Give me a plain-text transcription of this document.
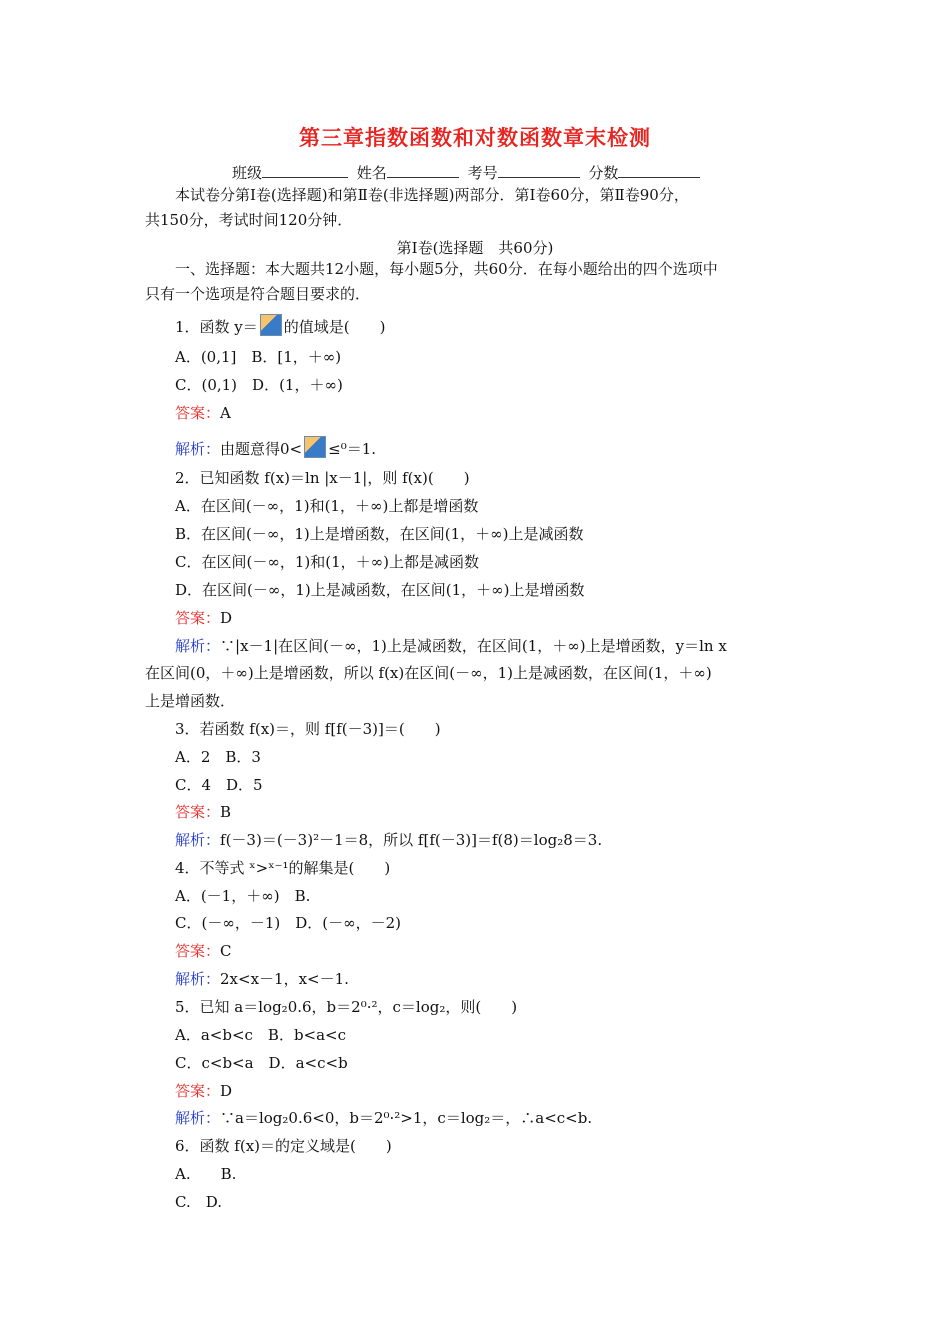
第三章指数函数和对数函数章末检测
班级	姓名	考号	分数
本试卷分第Ⅰ卷(选择题)和第Ⅱ卷(非选择题)两部分．第Ⅰ卷60分，第Ⅱ卷90分，
共150分，考试时间120分钟．
第Ⅰ卷(选择题　共60分)
一、选择题：本大题共12小题，每小题5分，共60分．在每小题给出的四个选项中
只有一个选项是符合题目要求的．
1．函数 y＝ 的值域是(　　)
A．(0,1]　B．[1，＋∞)
C．(0,1)　D．(1，＋∞)
答案：A
解析：由题意得0< ≤⁰＝1.
2．已知函数 f(x)＝ln |x－1|，则 f(x)(　　)
A．在区间(－∞，1)和(1，＋∞)上都是增函数
B．在区间(－∞，1)上是增函数，在区间(1，＋∞)上是减函数
C．在区间(－∞，1)和(1，＋∞)上都是减函数
D．在区间(－∞，1)上是减函数，在区间(1，＋∞)上是增函数
答案：D
解析：∵|x－1|在区间(－∞，1)上是减函数，在区间(1，＋∞)上是增函数，y＝ln x
在区间(0，＋∞)上是增函数，所以 f(x)在区间(－∞，1)上是减函数，在区间(1，＋∞)
上是增函数．
3．若函数 f(x)＝，则 f[f(－3)]＝(　　)
A．2　B．3
C．4　D．5
答案：B
解析：f(－3)＝(－3)²－1＝8，所以 f[f(－3)]＝f(8)＝log₂8＝3.
4．不等式 ˣ>ˣ⁻¹的解集是(　　)
A．(－1，＋∞)　B.
C．(－∞，－1)　D．(－∞，－2)
答案：C
解析：2x<x－1，x<－1.
5．已知 a＝log₂0.6，b＝2⁰·²，c＝log₂，则(　　)
A．a<b<c　B．b<a<c
C．c<b<a　D．a<c<b
答案：D
解析：∵a＝log₂0.6<0，b＝2⁰·²>1，c＝log₂＝，∴a<c<b.
6．函数 f(x)＝的定义域是(　　)
A.　　B.
C.　D.
